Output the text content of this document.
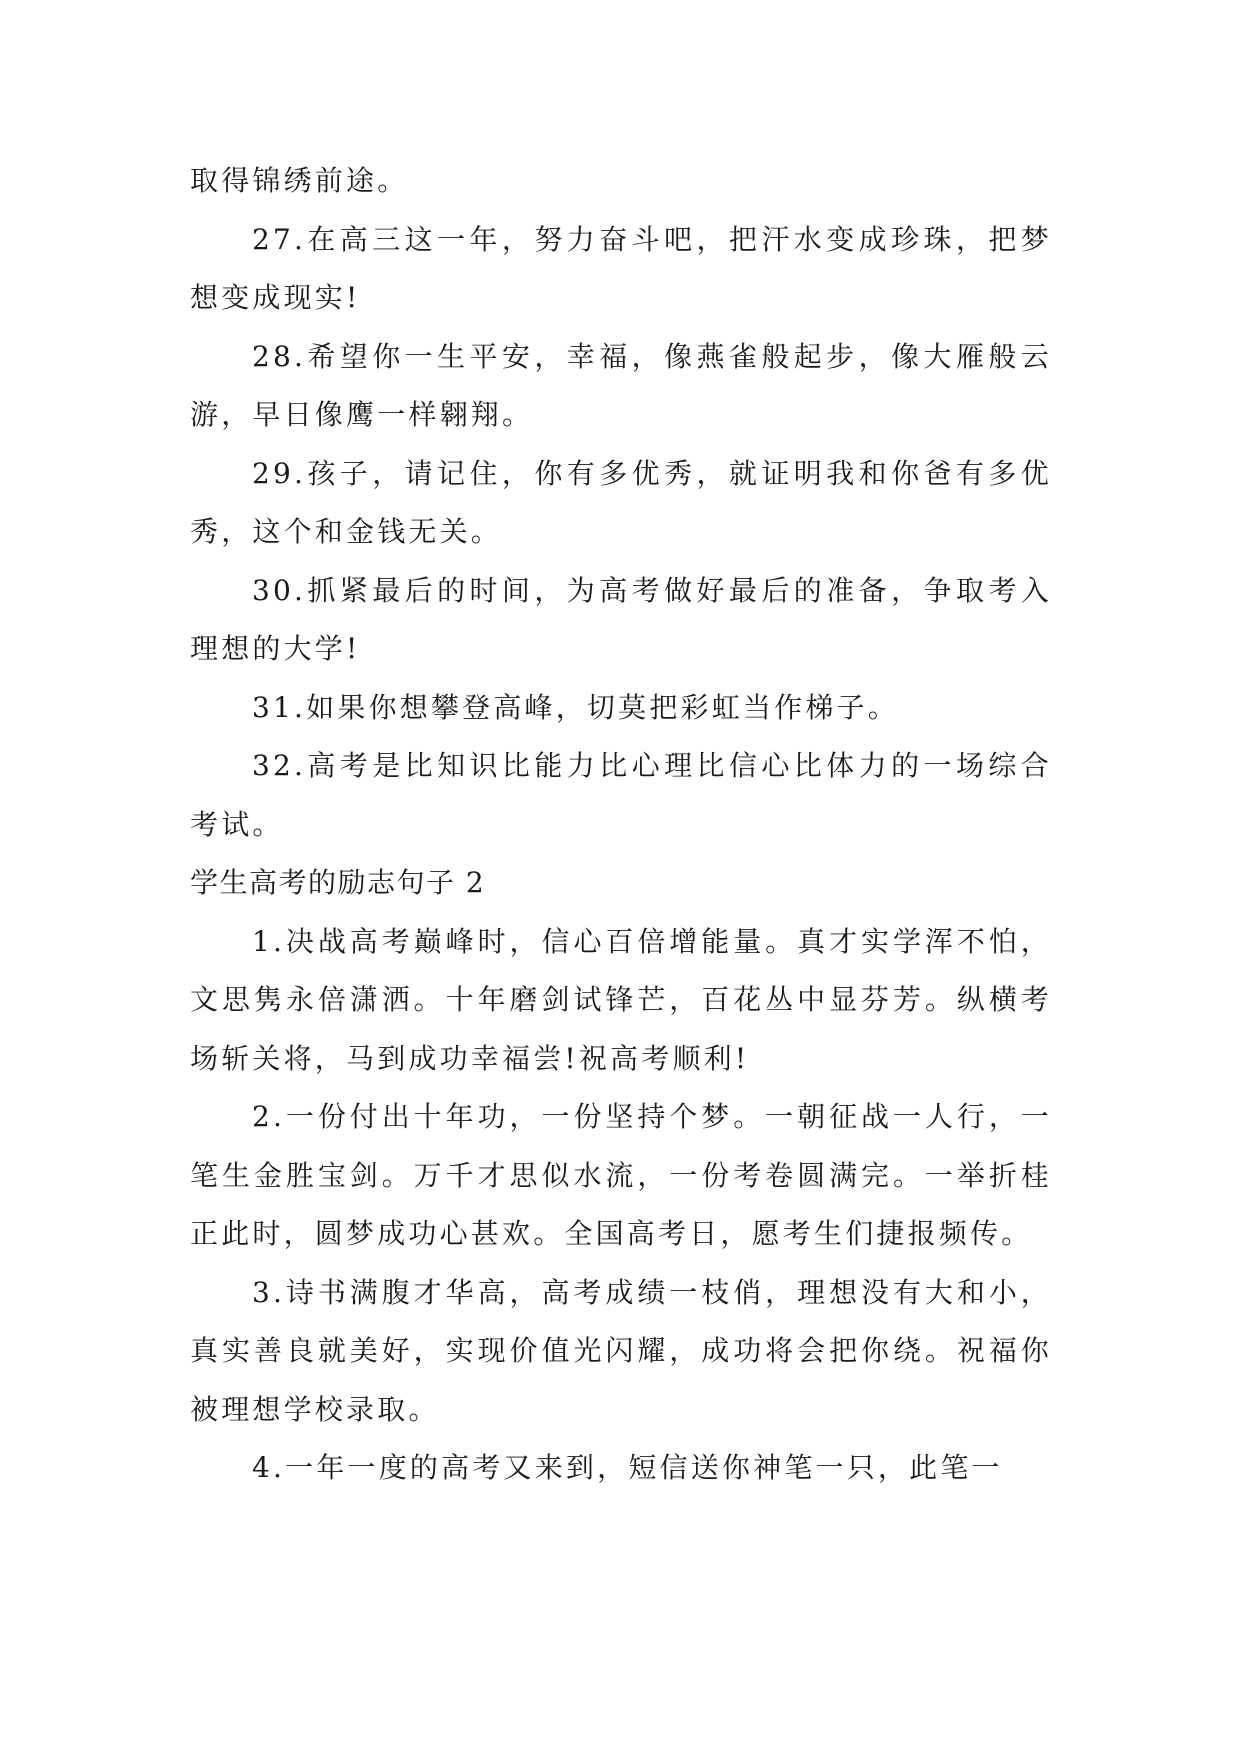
取得锦绣前途。

27.在高三这一年，努力奋斗吧，把汗水变成珍珠，把梦想变成现实!

28.希望你一生平安，幸福，像燕雀般起步，像大雁般云游，早日像鹰一样翱翔。

29.孩子，请记住，你有多优秀，就证明我和你爸有多优秀，这个和金钱无关。

30.抓紧最后的时间，为高考做好最后的准备，争取考入理想的大学!

31.如果你想攀登高峰，切莫把彩虹当作梯子。

32.高考是比知识比能力比心理比信心比体力的一场综合考试。

学生高考的励志句子 2

1.决战高考巅峰时，信心百倍增能量。真才实学浑不怕，文思隽永倍潇洒。十年磨剑试锋芒，百花丛中显芬芳。纵横考场斩关将，马到成功幸福尝!祝高考顺利!

2.一份付出十年功，一份坚持个梦。一朝征战一人行，一笔生金胜宝剑。万千才思似水流，一份考卷圆满完。一举折桂正此时，圆梦成功心甚欢。全国高考日，愿考生们捷报频传。

3.诗书满腹才华高，高考成绩一枝俏，理想没有大和小，真实善良就美好，实现价值光闪耀，成功将会把你绕。祝福你被理想学校录取。

4.一年一度的高考又来到，短信送你神笔一只，此笔一
